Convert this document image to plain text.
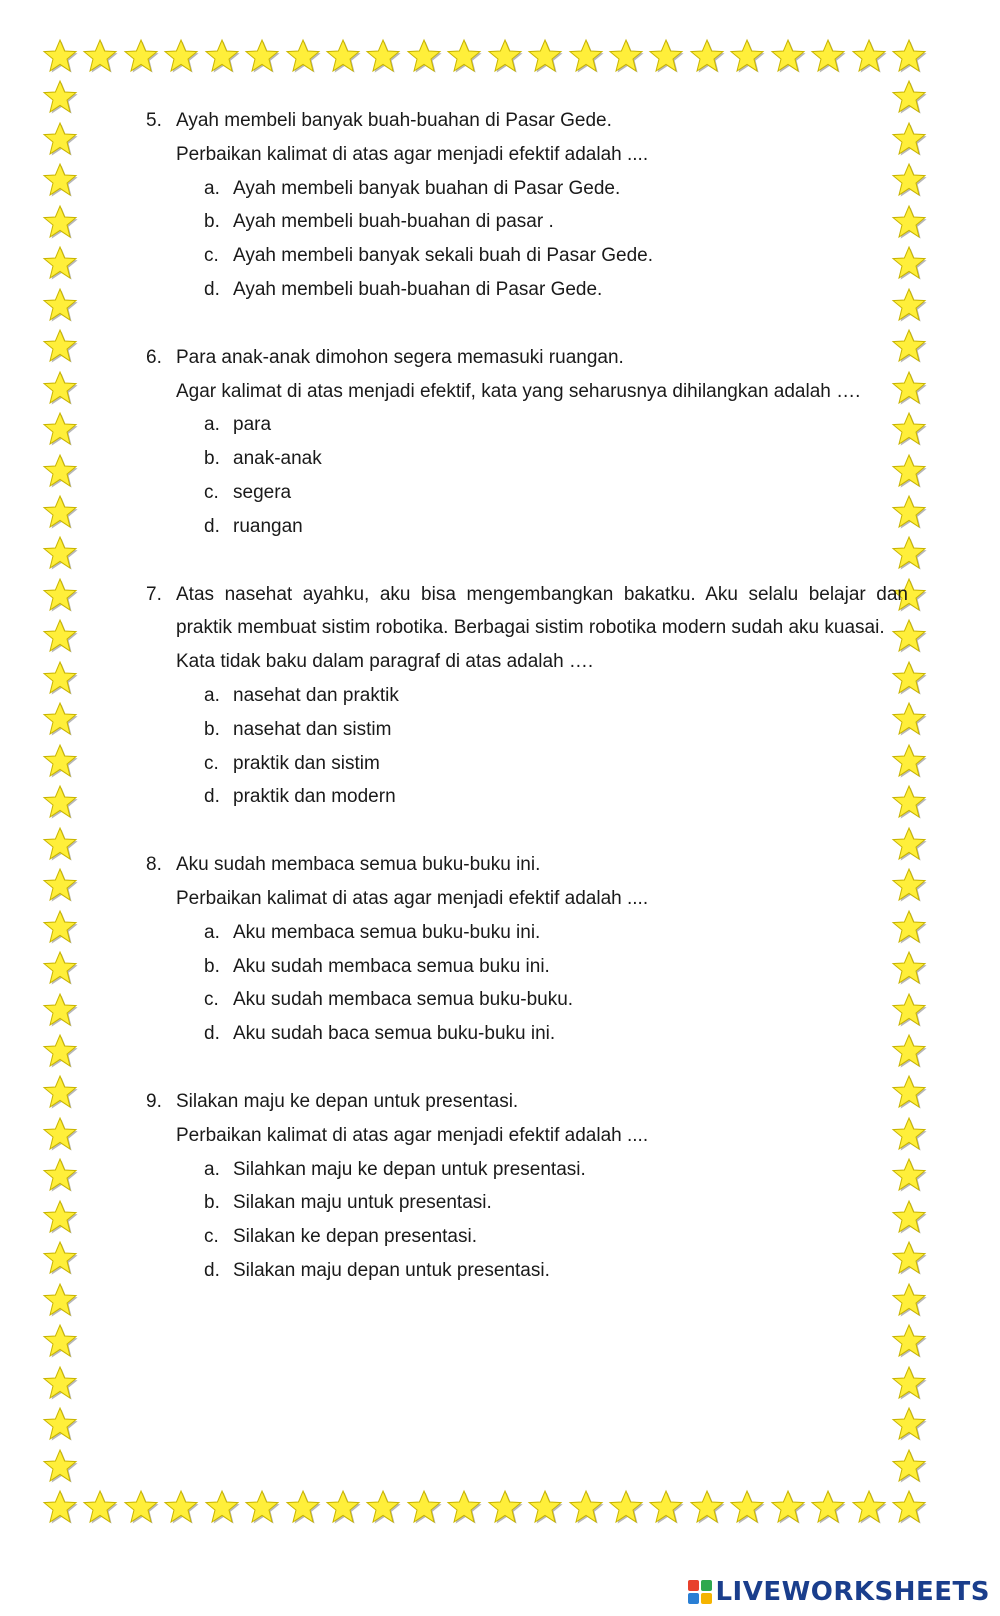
5. Ayah membeli banyak buah-buahan di Pasar Gede.
Perbaikan kalimat di atas agar menjadi efektif adalah ....
a. Ayah membeli banyak buahan di Pasar Gede.
b. Ayah membeli buah-buahan di pasar .
c. Ayah membeli banyak sekali buah di Pasar Gede.
d. Ayah membeli buah-buahan di Pasar Gede.
6. Para anak-anak dimohon segera memasuki ruangan.
Agar kalimat di atas menjadi efektif, kata yang seharusnya dihilangkan adalah ….
a. para
b. anak-anak
c. segera
d. ruangan
7. Atas nasehat ayahku, aku bisa mengembangkan bakatku. Aku selalu belajar dan praktik membuat sistim robotika. Berbagai sistim robotika modern sudah aku kuasai.
Kata tidak baku dalam paragraf di atas adalah ….
a. nasehat dan praktik
b. nasehat dan sistim
c. praktik dan sistim
d. praktik dan modern
8. Aku sudah membaca semua buku-buku ini.
Perbaikan kalimat di atas agar menjadi efektif adalah ....
a. Aku membaca semua buku-buku ini.
b. Aku sudah membaca semua buku ini.
c. Aku sudah membaca semua buku-buku.
d. Aku sudah baca semua buku-buku ini.
9. Silakan maju ke depan untuk presentasi.
Perbaikan kalimat di atas agar menjadi efektif adalah ....
a. Silahkan maju ke depan untuk presentasi.
b. Silakan maju untuk presentasi.
c. Silakan ke depan presentasi.
d. Silakan maju depan untuk presentasi.
LIVEWORKSHEETS
